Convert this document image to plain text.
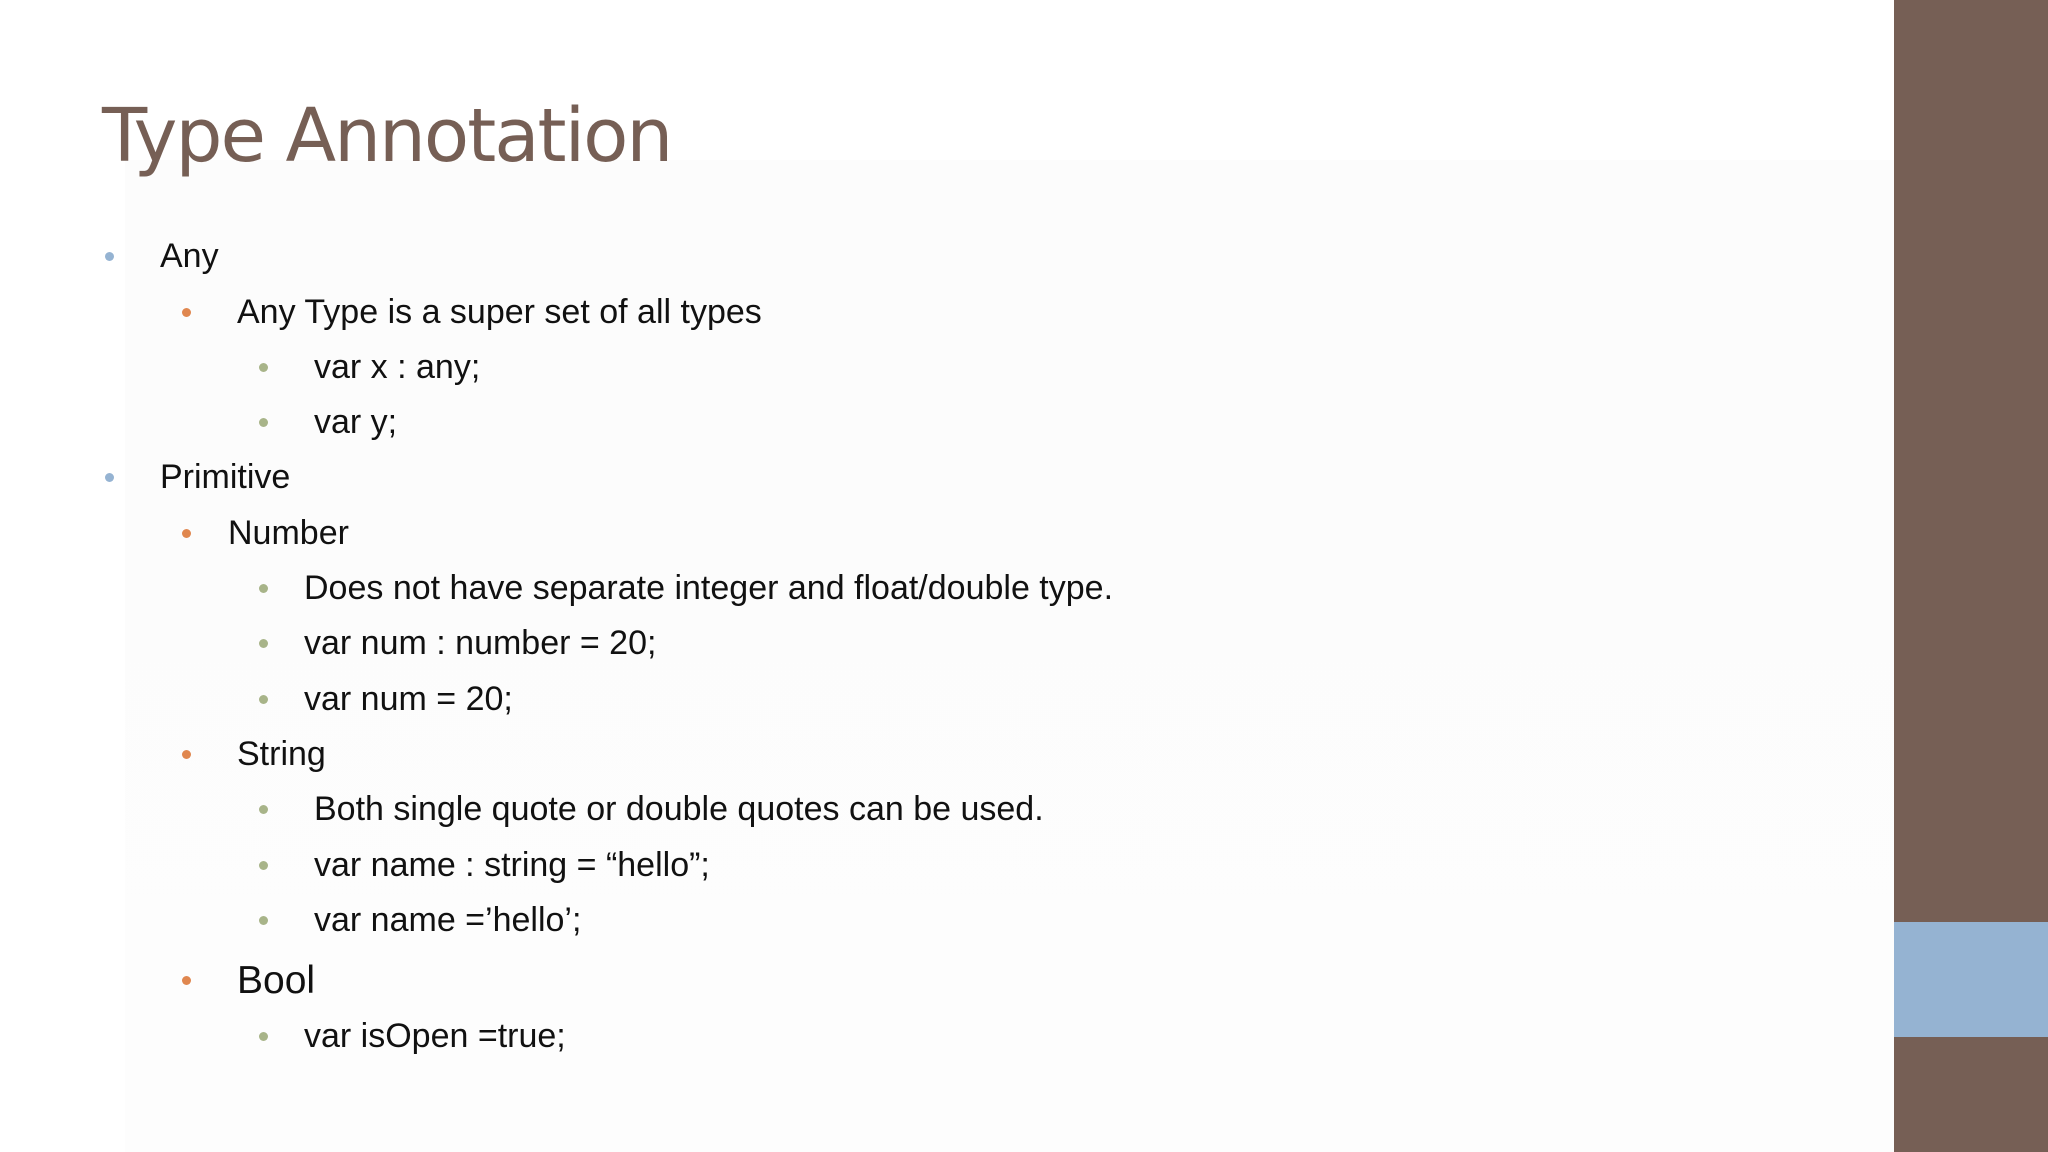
Type Annotation
Any
Any Type is a super set of all types
var x : any;
var y;
Primitive
Number
Does not have separate integer and float/double type.
var num : number = 20;
var num = 20;
String
Both single quote or double quotes can be used.
var name : string = “hello”;
var name =’hello’;
Bool
var isOpen =true;
